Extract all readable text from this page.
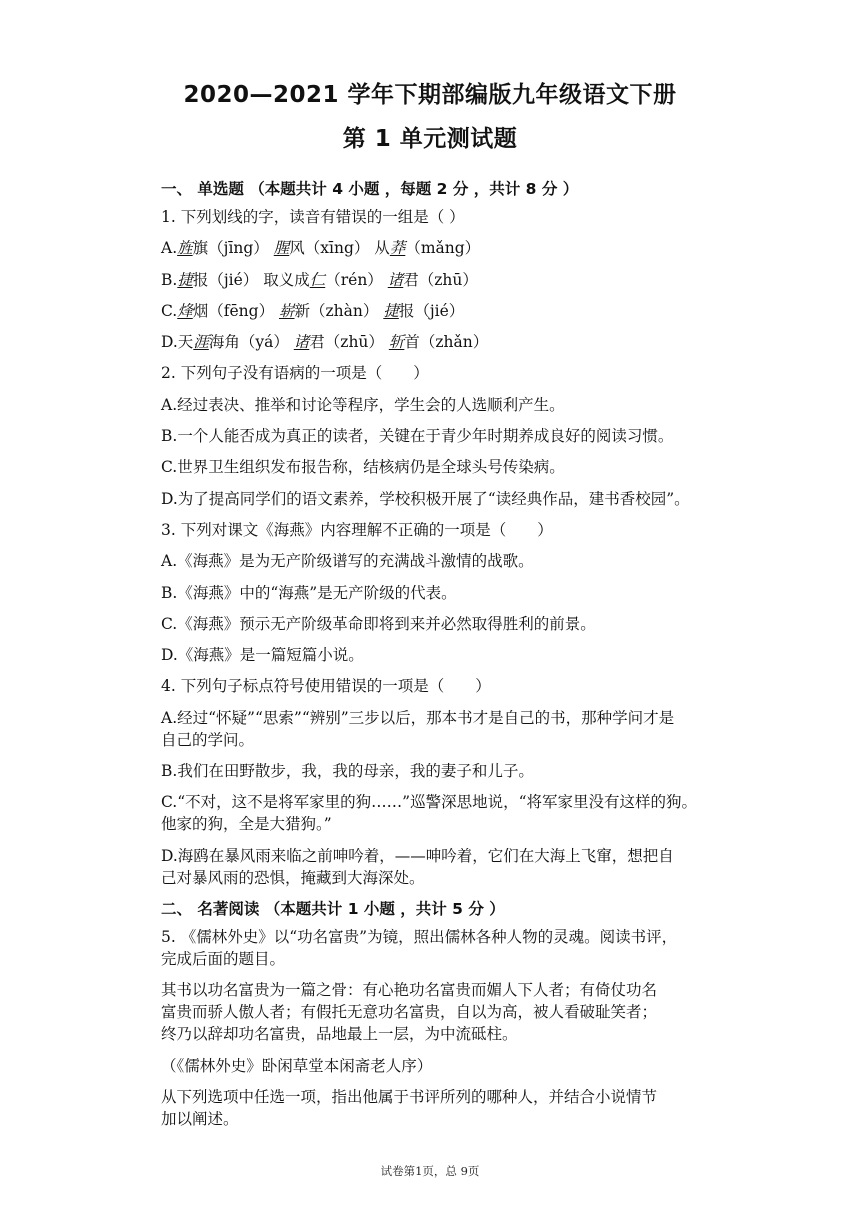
2020—2021 学年下期部编版九年级语文下册
第 1 单元测试题
一、 单选题 （本题共计 4 小题 ，每题 2 分 ，共计 8 分 ）
1. 下列划线的字，读音有错误的一组是（ ）
A.旌旗（jīng） 腥风（xīng） 从莽（mǎng）
B.捷报（jié） 取义成仁（rén） 诸君（zhū）
C.烽烟（fēng） 崭新（zhàn） 捷报（jié）
D.天涯海角（yá） 诸君（zhū） 斩首（zhǎn）
2. 下列句子没有语病的一项是（　　）
A.经过表决、推举和讨论等程序，学生会的人选顺利产生。
B.一个人能否成为真正的读者，关键在于青少年时期养成良好的阅读习惯。
C.世界卫生组织发布报告称，结核病仍是全球头号传染病。
D.为了提高同学们的语文素养，学校积极开展了“读经典作品，建书香校园”。
3. 下列对课文《海燕》内容理解不正确的一项是（　　）
A.《海燕》是为无产阶级谱写的充满战斗激情的战歌。
B.《海燕》中的“海燕”是无产阶级的代表。
C.《海燕》预示无产阶级革命即将到来并必然取得胜利的前景。
D.《海燕》是一篇短篇小说。
4. 下列句子标点符号使用错误的一项是（　　）
A.经过“怀疑”“思索”“辨别”三步以后，那本书才是自己的书，那种学问才是
自己的学问。
B.我们在田野散步，我，我的母亲，我的妻子和儿子。
C.“不对，这不是将军家里的狗……”巡警深思地说，“将军家里没有这样的狗。
他家的狗，全是大猎狗。”
D.海鸥在暴风雨来临之前呻吟着，——呻吟着，它们在大海上飞窜，想把自
己对暴风雨的恐惧，掩藏到大海深处。
二、 名著阅读 （本题共计 1 小题 ，共计 5 分 ）
5. 《儒林外史》以“功名富贵”为镜，照出儒林各种人物的灵魂。阅读书评，
完成后面的题目。
其书以功名富贵为一篇之骨：有心艳功名富贵而媚人下人者；有倚仗功名
富贵而骄人傲人者；有假托无意功名富贵，自以为高，被人看破耻笑者；
终乃以辞却功名富贵，品地最上一层，为中流砥柱。
（《儒林外史》卧闲草堂本闲斋老人序）
从下列选项中任选一项，指出他属于书评所列的哪种人，并结合小说情节
加以阐述。
试卷第1页，总 9页
